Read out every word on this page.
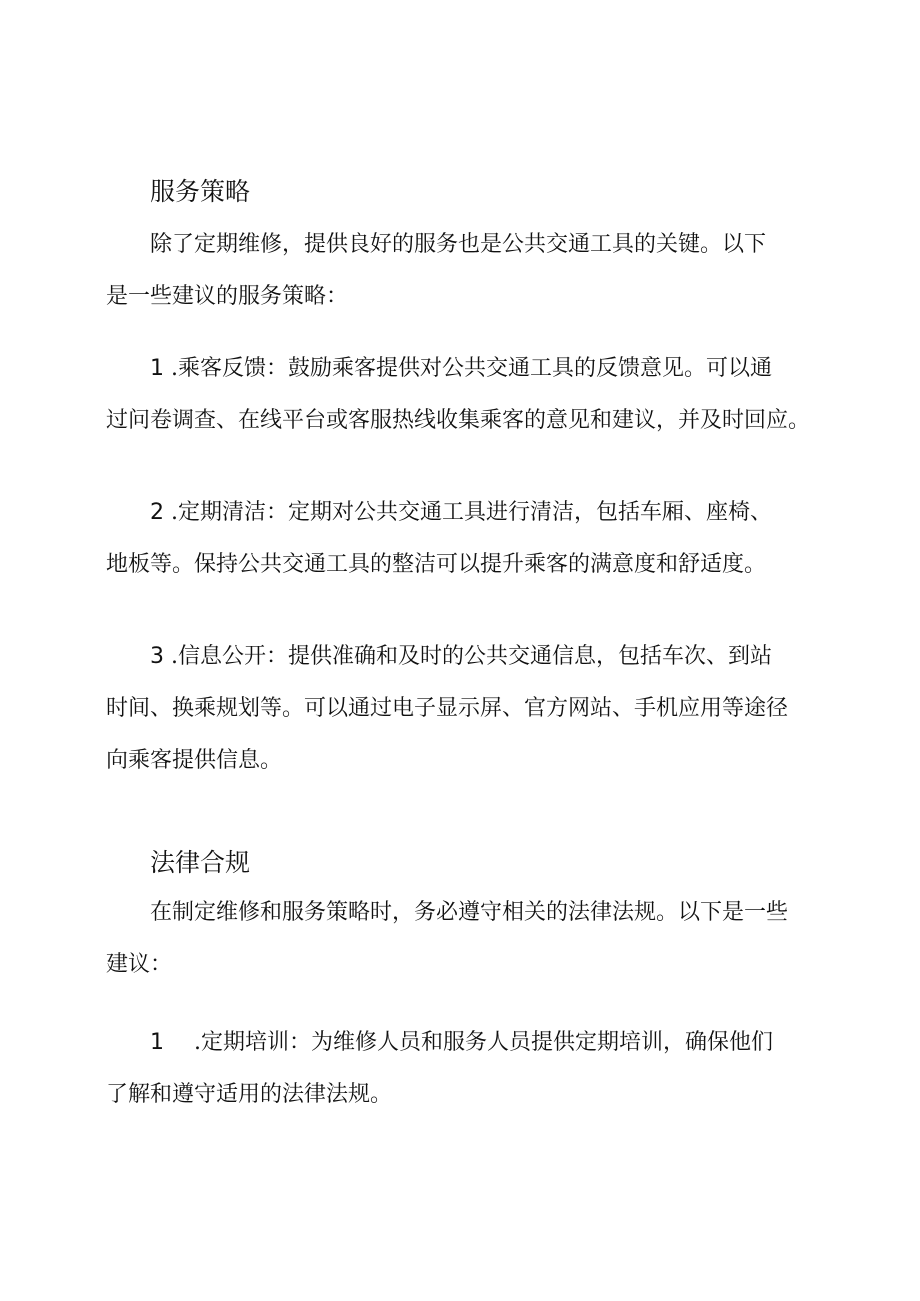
服务策略

除了定期维修，提供良好的服务也是公共交通工具的关键。以下
是一些建议的服务策略：

1 .乘客反馈：鼓励乘客提供对公共交通工具的反馈意见。可以通
过问卷调查、在线平台或客服热线收集乘客的意见和建议，并及时回应。

2 .定期清洁：定期对公共交通工具进行清洁，包括车厢、座椅、
地板等。保持公共交通工具的整洁可以提升乘客的满意度和舒适度。

3 .信息公开：提供准确和及时的公共交通信息，包括车次、到站
时间、换乘规划等。可以通过电子显示屏、官方网站、手机应用等途径
向乘客提供信息。

法律合规

在制定维修和服务策略时，务必遵守相关的法律法规。以下是一些
建议：

1 .定期培训：为维修人员和服务人员提供定期培训，确保他们
了解和遵守适用的法律法规。
